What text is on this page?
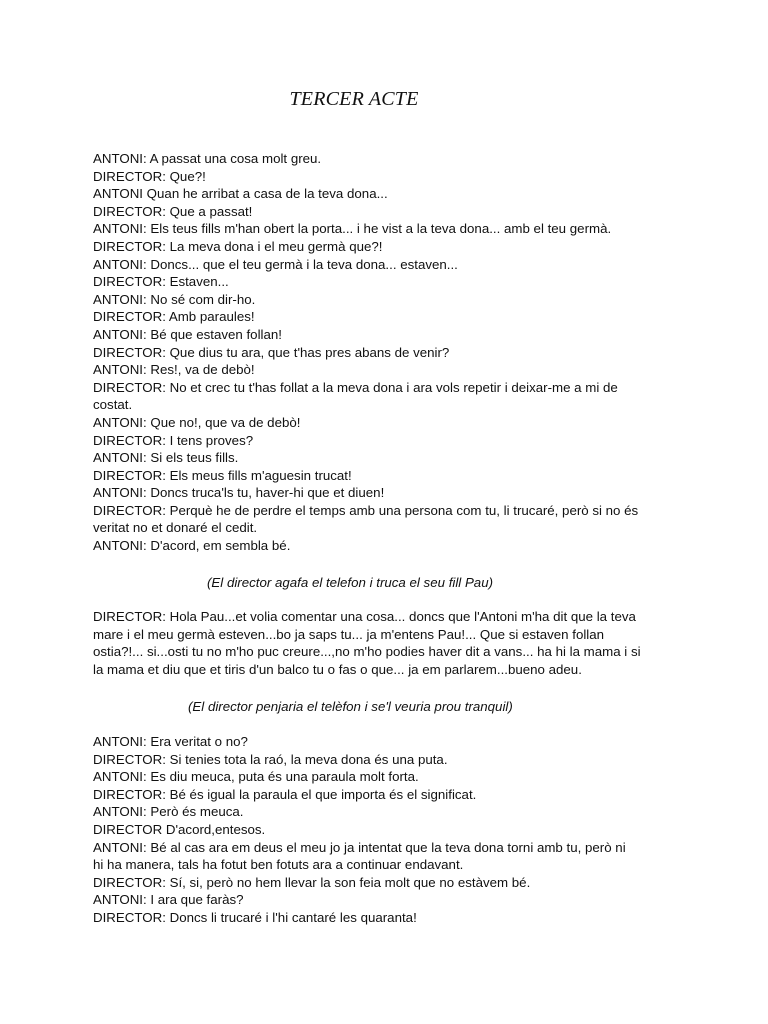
TERCER ACTE
ANTONI: A passat una cosa molt greu.
DIRECTOR: Que?!
ANTONI Quan he arribat a casa de la teva dona...
DIRECTOR: Que a passat!
ANTONI: Els teus fills m'han obert la porta... i he vist a la teva dona... amb el teu germà.
DIRECTOR: La meva dona i el meu germà que?!
ANTONI: Doncs... que el teu germà i la teva dona... estaven...
DIRECTOR: Estaven...
ANTONI: No sé com dir-ho.
DIRECTOR: Amb paraules!
ANTONI: Bé que estaven follan!
DIRECTOR: Que dius tu ara, que t'has pres abans de venir?
ANTONI: Res!, va de debò!
DIRECTOR: No et crec tu t'has follat a la meva dona i ara vols repetir i deixar-me a mi de
costat.
ANTONI: Que no!, que va de debò!
DIRECTOR: I tens proves?
ANTONI: Si els teus fills.
DIRECTOR: Els meus fills m'aguesin trucat!
ANTONI: Doncs truca'ls tu, haver-hi que et diuen!
DIRECTOR: Perquè he de perdre el temps amb una persona com tu, li trucaré, però si no és
veritat no et donaré el cedit.
ANTONI: D'acord, em sembla bé.
(El director agafa el telefon i truca el seu fill Pau)
DIRECTOR: Hola Pau...et volia comentar una cosa... doncs que l'Antoni m'ha dit que la teva
mare i el meu germà esteven...bo ja saps tu... ja m'entens Pau!... Que si estaven follan
ostia?!... si...osti tu no m'ho puc creure...,no m'ho podies haver dit a vans... ha hi la mama i si
la mama et diu que et tiris d'un balco tu o fas o que... ja em parlarem...bueno adeu.
(El director penjaria el telèfon i se'l veuria prou tranquil)
ANTONI: Era veritat o no?
DIRECTOR: Si tenies tota la raó, la meva dona és una puta.
ANTONI: Es diu meuca, puta és una paraula molt forta.
DIRECTOR: Bé és igual la paraula el que importa és el significat.
ANTONI: Però és meuca.
DIRECTOR D'acord,entesos.
ANTONI: Bé al cas ara em deus el meu jo ja intentat que la teva dona torni amb tu, però ni
hi ha manera, tals ha fotut ben fotuts ara a continuar endavant.
DIRECTOR: Sí, si, però no hem llevar la son feia molt que no estàvem bé.
ANTONI: I ara que faràs?
DIRECTOR: Doncs li trucaré i l'hi cantaré les quaranta!
